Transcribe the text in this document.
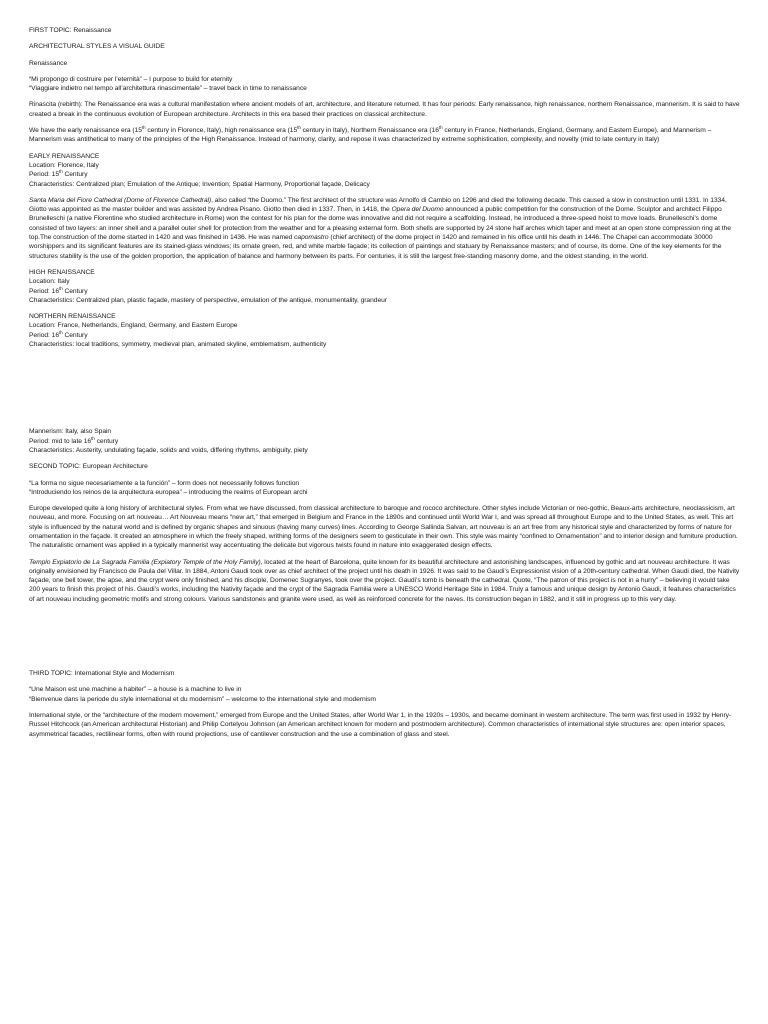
FIRST TOPIC: Renaissance

ARCHITECTURAL STYLES A VISUAL GUIDE

Renaissance

“Mi propongo di costruire per l’eternità” – I purpose to build for eternity

“Viaggiare indietro nel tempo all’architettura rinascimentale” – travel back in time to renaissance

Rinascita (rebirth): The Renaissance era was a cultural manifestation where ancient models of art, architecture, and literature returned. It has four periods: Early renaissance, high renaissance, northern Renaissance, mannerism. It is said to have created a break in the continuous evolution of European architecture. Architects in this era based their practices on classical architecture.

We have the early renaissance era (15th century in Florence, Italy), high renaissance era (15th century in Italy), Northern Renaissance era (16th century in France, Netherlands, England, Germany, and Eastern Europe), and Mannerism – Mannerism was antithetical to many of the principles of the High Renaissance. Instead of harmony, clarity, and repose it was characterized by extreme sophistication, complexity, and novelty (mid to late century in Italy)

EARLY RENAISSANCE

Location: Florence, Italy

Period: 15th Century

Characteristics: Centralized plan; Emulation of the Antique; Invention; Spatial Harmony, Proportional façade, Delicacy

Santa Maria del Fiore Cathedral (Dome of Florence Cathedral), also called “the Duomo.” The first architect of the structure was Arnolfo di Cambio on 1296 and died the following decade. This caused a slow in construction until 1331. In 1334, Giotto was appointed as the master builder and was assisted by Andrea Pisano. Giotto then died in 1337. Then, in 1418, the Opera del Duomo announced a public competition for the construction of the Dome. Sculptor and architect Filippo Brunelleschi (a native Florentine who studied architecture in Rome) won the contest for his plan for the dome was innovative and did not require a scaffolding. Instead, he introduced a three-speed hoist to move loads. Brunelleschi’s dome consisted of two layers: an inner shell and a parallel outer shell for protection from the weather and for a pleasing external form. Both shells are supported by 24 stone half arches which taper and meet at an open stone compression ring at the top.The construction of the dome started in 1420 and was finished in 1436. He was named capomastro (chief architect) of the dome project in 1420 and remained in his office until his death in 1446. The Chapel can accommodate 30000 worshippers and its significant features are its stained-glass windows; its ornate green, red, and white marble façade; its collection of paintings and statuary by Renaissance masters; and of course, its dome. One of the key elements for the structures stability is the use of the golden proportion, the application of balance and harmony between its parts. For centuries, it is still the largest free-standing masonry dome, and the oldest standing, in the world.

HIGH RENAISSANCE

Location: Italy

Period: 16th Century

Characteristics: Centralized plan, plastic façade, mastery of perspective, emulation of the antique, monumentality, grandeur

NORTHERN RENAISSANCE

Location: France, Netherlands, England, Germany, and Eastern Europe

Period: 16th Century

Characteristics: local traditions, symmetry, medieval plan, animated skyline, emblematism, authenticity

Mannerism: Italy, also Spain

Period: mid to late 16th century

Characteristics: Austerity, undulating façade, solids and voids, differing rhythms, ambiguity, piety

SECOND TOPIC: European Architecture

“La forma no sigue necesariamente a la función” – form does not necessarily follows function

“Introduciendo los reinos de la arquitectura europea” – introducing the realms of European archi

Europe developed quite a long history of architectural styles. From what we have discussed, from classical architecture to baroque and rococo architecture. Other styles include Victorian or neo-gothic, Beaux-arts architecture, neoclassicism, art nouveau, and more. Focusing on art nouveau… Art Nouveau means “new art,” that emerged in Belgium and France in the 1890s and continued until World War I, and was spread all throughout Europe and to the United States, as well. This art style is influenced by the natural world and is defined by organic shapes and sinuous (having many curves) lines. According to George Sallinda Salvan, art nouveau is an art free from any historical style and characterized by forms of nature for ornamentation in the façade. It created an atmosphere in which the freely shaped, writhing forms of the designers seem to gesticulate in their own. This style was mainly “confined to Ornamentation” and to interior design and furniture production. The naturalistic ornament was applied in a typically mannerist way accentuating the delicate but vigorous twists found in nature into exaggerated design effects.

Templo Expiatorio de La Sagrada Familia (Expiatory Temple of the Holy Family), located at the heart of Barcelona, quite known for its beautiful architecture and astonishing landscapes, influenced by gothic and art nouveau architecture. It was originally envisioned by Francisco de Paula del Villar. In 1884, Antoni Gaudi took over as chief architect of the project until his death in 1926. It was said to be Gaudi’s Expressionist vision of a 20th-century cathedral. When Gaudi died, the Nativity façade, one bell tower, the apse, and the crypt were only finished, and his disciple, Domenec Sugranyes, took over the project. Gaudi’s tomb is beneath the cathedral. Quote, “The patron of this project is not in a hurry” – believing it would take 200 years to finish this project of his. Gaudi’s works, including the Nativity façade and the crypt of the Sagrada Familia were a UNESCO World Heritage Site in 1984. Truly a famous and unique design by Antonio Gaudi, it features characteristics of art nouveau including geometric motifs and strong colours. Various sandstones and granite were used, as well as reinforced concrete for the naves. Its construction began in 1882, and it still in progress up to this very day.

THIRD TOPIC: International Style and Modernism

“Une Maison est une machine a habiter” – a house is a machine to live in

“Bienvenue dans la periode du style international et du modernism” – welcome to the international style and modernism

International style, or the “architecture of the modern movement,” emerged from Europe and the United States, after World War 1, in the 1920s – 1930s, and became dominant in western architecture. The term was first used in 1932 by Henry-Russel Hitchcock (an American architectural Historian) and Philip Cortelyou Johnson (an American architect known for modern and postmodern architecture). Common characteristics of international style structures are: open interior spaces, asymmetrical facades, rectilinear forms, often with round projections, use of cantilever construction and the use a combination of glass and steel.
